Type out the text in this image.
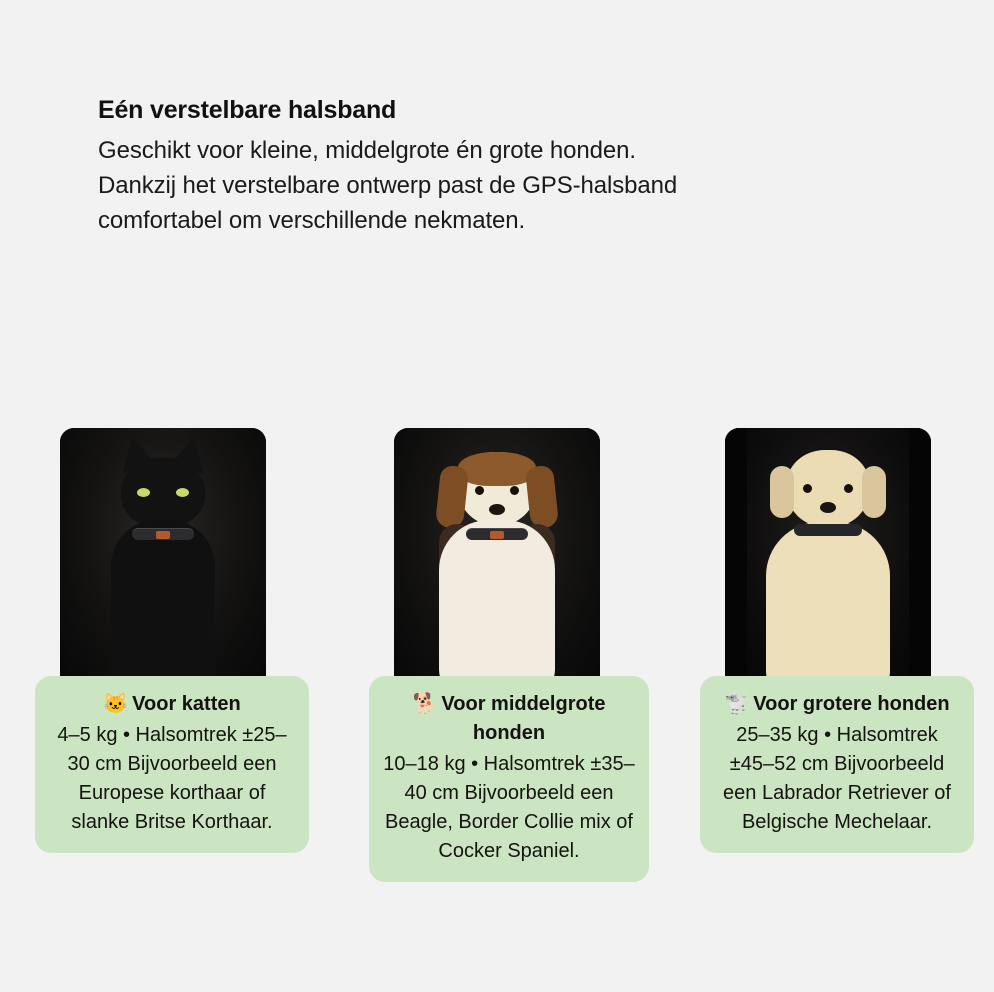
Eén verstelbare halsband
Geschikt voor kleine, middelgrote én grote honden.
Dankzij het verstelbare ontwerp past de GPS-halsband
comfortabel om verschillende nekmaten.
🐱 Voor katten
4–5 kg • Halsomtrek ±25–30 cm Bijvoorbeeld een Europese korthaar of slanke Britse Korthaar.
🐕 Voor middelgrote honden
10–18 kg • Halsomtrek ±35–40 cm Bijvoorbeeld een Beagle, Border Collie mix of Cocker Spaniel.
🐩 Voor grotere honden
25–35 kg • Halsomtrek ±45–52 cm Bijvoorbeeld een Labrador Retriever of Belgische Mechelaar.
